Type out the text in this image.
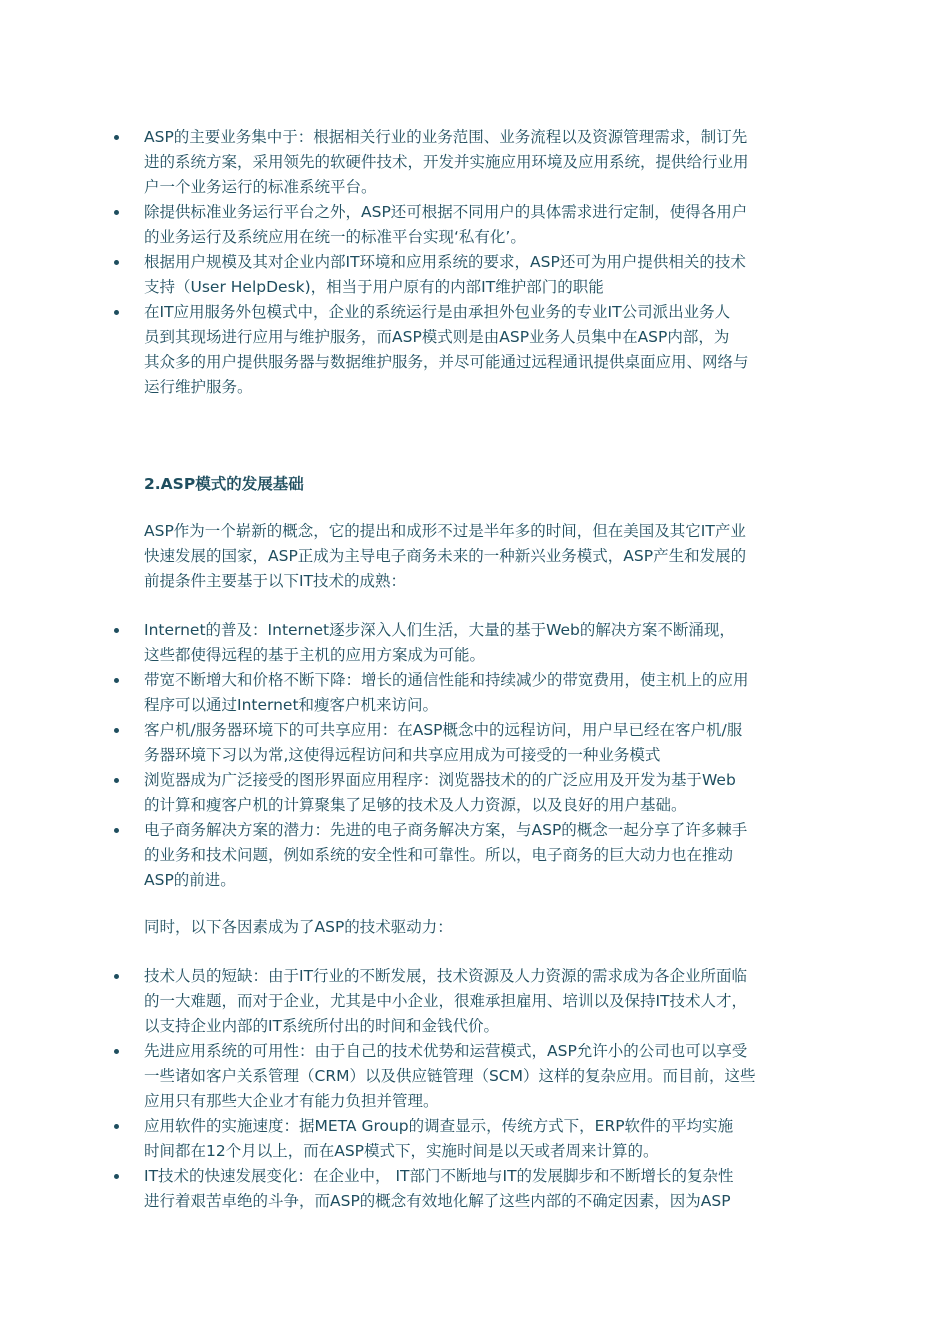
ASP的主要业务集中于：根据相关行业的业务范围、业务流程以及资源管理需求，制订先
进的系统方案，采用领先的软硬件技术，开发并实施应用环境及应用系统，提供给行业用
户一个业务运行的标准系统平台。
除提供标准业务运行平台之外，ASP还可根据不同用户的具体需求进行定制，使得各用户
的业务运行及系统应用在统一的标准平台实现‘私有化’。
根据用户规模及其对企业内部IT环境和应用系统的要求，ASP还可为用户提供相关的技术
支持（User HelpDesk)，相当于用户原有的内部IT维护部门的职能
在IT应用服务外包模式中，企业的系统运行是由承担外包业务的专业IT公司派出业务人
员到其现场进行应用与维护服务，而ASP模式则是由ASP业务人员集中在ASP内部，为
其众多的用户提供服务器与数据维护服务，并尽可能通过远程通讯提供桌面应用、网络与
运行维护服务。

2.ASP模式的发展基础

ASP作为一个崭新的概念，它的提出和成形不过是半年多的时间，但在美国及其它IT产业
快速发展的国家，ASP正成为主导电子商务未来的一种新兴业务模式，ASP产生和发展的
前提条件主要基于以下IT技术的成熟：

Internet的普及：Internet逐步深入人们生活，大量的基于Web的解决方案不断涌现，
这些都使得远程的基于主机的应用方案成为可能。
带宽不断增大和价格不断下降：增长的通信性能和持续减少的带宽费用，使主机上的应用
程序可以通过Internet和瘦客户机来访问。
客户机/服务器环境下的可共享应用：在ASP概念中的远程访问，用户早已经在客户机/服
务器环境下习以为常,这使得远程访问和共享应用成为可接受的一种业务模式
浏览器成为广泛接受的图形界面应用程序：浏览器技术的的广泛应用及开发为基于Web
的计算和瘦客户机的计算聚集了足够的技术及人力资源，以及良好的用户基础。
电子商务解决方案的潜力：先进的电子商务解决方案，与ASP的概念一起分享了许多棘手
的业务和技术问题，例如系统的安全性和可靠性。所以，电子商务的巨大动力也在推动
ASP的前进。

同时，以下各因素成为了ASP的技术驱动力：

技术人员的短缺：由于IT行业的不断发展，技术资源及人力资源的需求成为各企业所面临
的一大难题，而对于企业，尤其是中小企业，很难承担雇用、培训以及保持IT技术人才，
以支持企业内部的IT系统所付出的时间和金钱代价。
先进应用系统的可用性：由于自己的技术优势和运营模式，ASP允许小的公司也可以享受
一些诸如客户关系管理（CRM）以及供应链管理（SCM）这样的复杂应用。而目前，这些
应用只有那些大企业才有能力负担并管理。
应用软件的实施速度：据META Group的调查显示，传统方式下，ERP软件的平均实施
时间都在12个月以上，而在ASP模式下，实施时间是以天或者周来计算的。
IT技术的快速发展变化：在企业中， IT部门不断地与IT的发展脚步和不断增长的复杂性
进行着艰苦卓绝的斗争，而ASP的概念有效地化解了这些内部的不确定因素，因为ASP
